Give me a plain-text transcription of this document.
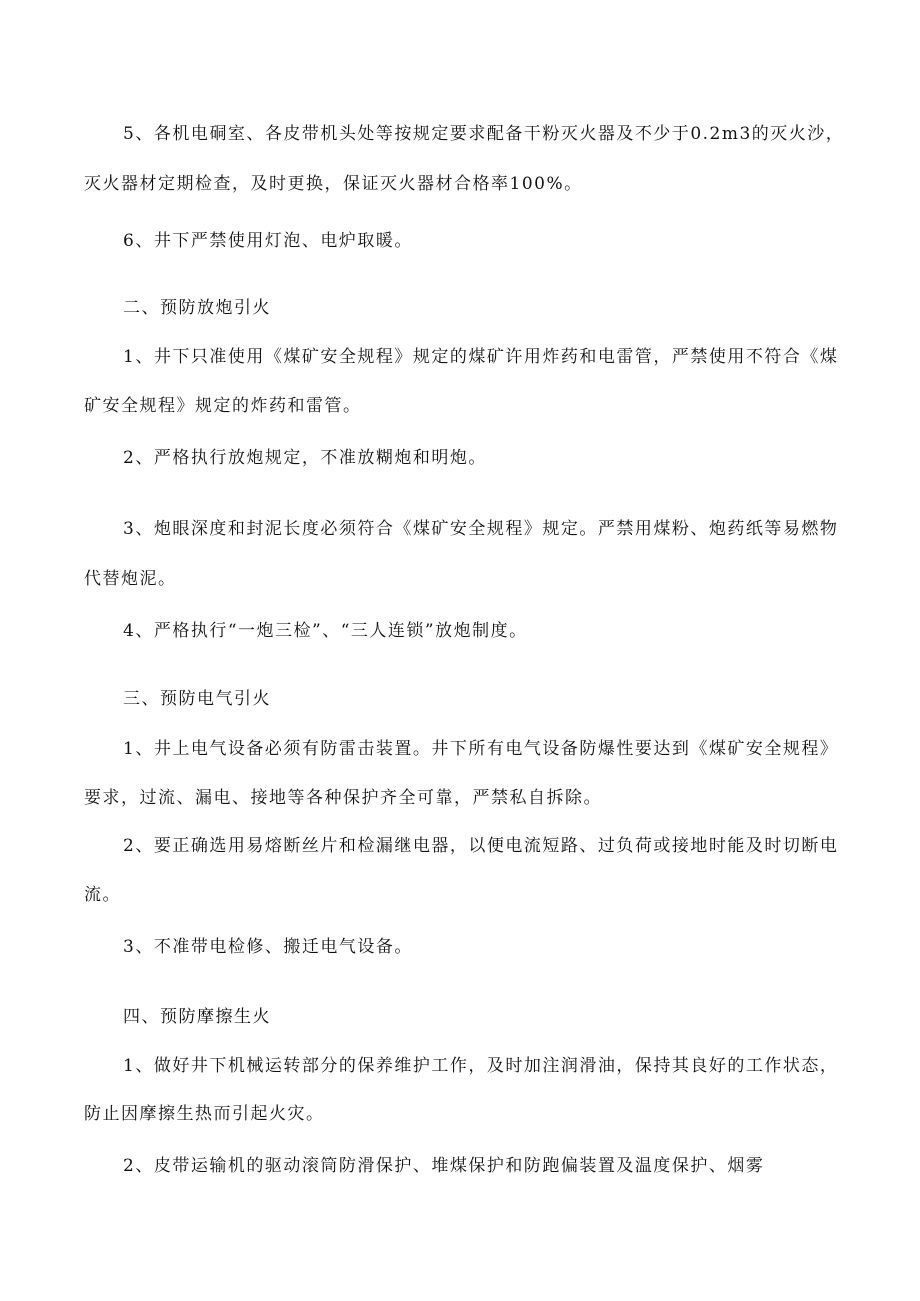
5、各机电硐室、各皮带机头处等按规定要求配备干粉灭火器及不少于0.2m3的灭火沙，
灭火器材定期检查，及时更换，保证灭火器材合格率100%。
6、井下严禁使用灯泡、电炉取暖。
二、预防放炮引火
1、井下只准使用《煤矿安全规程》规定的煤矿许用炸药和电雷管，严禁使用不符合《煤
矿安全规程》规定的炸药和雷管。
2、严格执行放炮规定，不准放糊炮和明炮。
3、炮眼深度和封泥长度必须符合《煤矿安全规程》规定。严禁用煤粉、炮药纸等易燃物
代替炮泥。
4、严格执行“一炮三检”、“三人连锁”放炮制度。
三、预防电气引火
1、井上电气设备必须有防雷击装置。井下所有电气设备防爆性要达到《煤矿安全规程》
要求，过流、漏电、接地等各种保护齐全可靠，严禁私自拆除。
2、要正确选用易熔断丝片和检漏继电器，以便电流短路、过负荷或接地时能及时切断电
流。
3、不准带电检修、搬迁电气设备。
四、预防摩擦生火
1、做好井下机械运转部分的保养维护工作，及时加注润滑油，保持其良好的工作状态，
防止因摩擦生热而引起火灾。
2、皮带运输机的驱动滚筒防滑保护、堆煤保护和防跑偏装置及温度保护、烟雾
